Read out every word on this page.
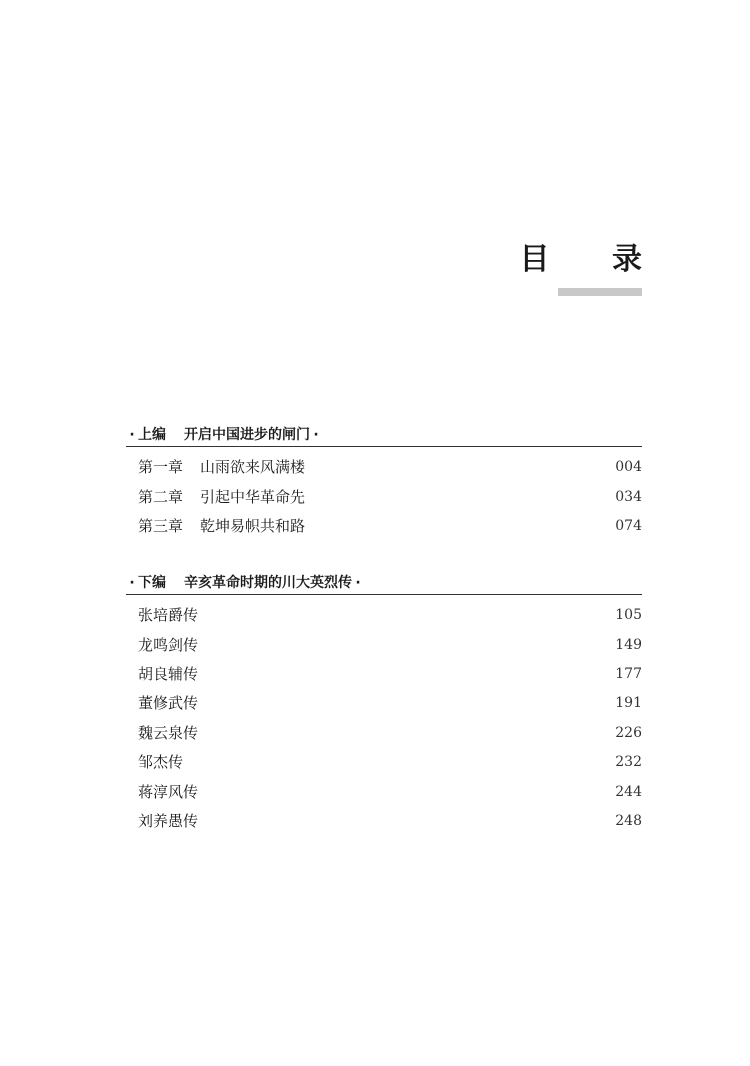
目 录
· 上编 开启中国进步的闸门 ·
第一章	山雨欲来风满楼	004
第二章	引起中华革命先	034
第三章	乾坤易帜共和路	074
· 下编 辛亥革命时期的川大英烈传 ·
张培爵传	105
龙鸣剑传	149
胡良辅传	177
董修武传	191
魏云泉传	226
邹杰传	232
蒋淳风传	244
刘养愚传	248
